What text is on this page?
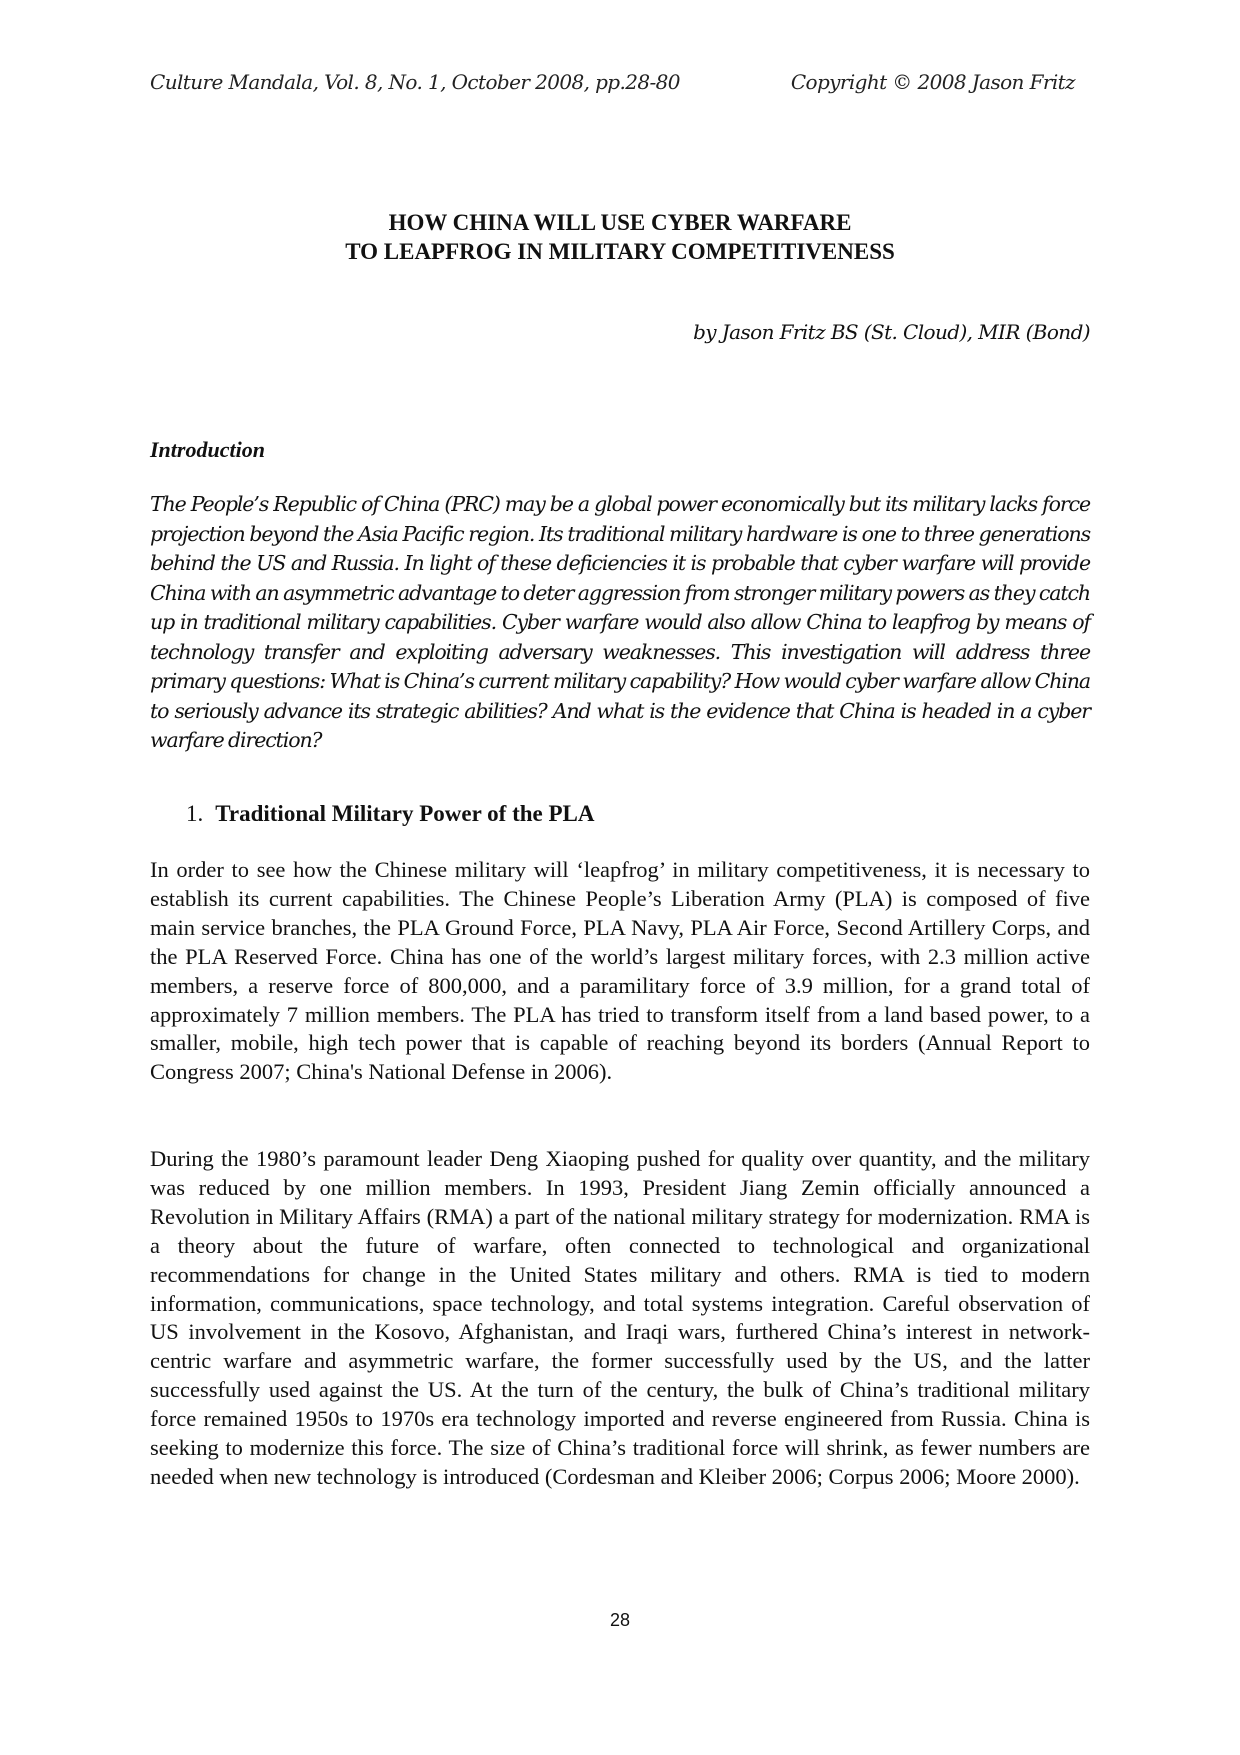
Culture Mandala, Vol. 8, No. 1, October 2008, pp.28-80	Copyright © 2008 Jason Fritz
HOW CHINA WILL USE CYBER WARFARE
TO LEAPFROG IN MILITARY COMPETITIVENESS
by Jason Fritz BS (St. Cloud), MIR (Bond)
Introduction

The People’s Republic of China (PRC) may be a global power economically but its military lacks force projection beyond the Asia Pacific region. Its traditional military hardware is one to three generations behind the US and Russia. In light of these deficiencies it is probable that cyber warfare will provide China with an asymmetric advantage to deter aggression from stronger military powers as they catch up in traditional military capabilities. Cyber warfare would also allow China to leapfrog by means of technology transfer and exploiting adversary weaknesses. This investigation will address three primary questions: What is China’s current military capability? How would cyber warfare allow China to seriously advance its strategic abilities? And what is the evidence that China is headed in a cyber warfare direction?

1. Traditional Military Power of the PLA

In order to see how the Chinese military will ‘leapfrog’ in military competitiveness, it is necessary to establish its current capabilities. The Chinese People’s Liberation Army (PLA) is composed of five main service branches, the PLA Ground Force, PLA Navy, PLA Air Force, Second Artillery Corps, and the PLA Reserved Force. China has one of the world’s largest military forces, with 2.3 million active members, a reserve force of 800,000, and a paramilitary force of 3.9 million, for a grand total of approximately 7 million members. The PLA has tried to transform itself from a land based power, to a smaller, mobile, high tech power that is capable of reaching beyond its borders (Annual Report to Congress 2007; China's National Defense in 2006).

During the 1980’s paramount leader Deng Xiaoping pushed for quality over quantity, and the military was reduced by one million members. In 1993, President Jiang Zemin officially announced a Revolution in Military Affairs (RMA) a part of the national military strategy for modernization. RMA is a theory about the future of warfare, often connected to technological and organizational recommendations for change in the United States military and others. RMA is tied to modern information, communications, space technology, and total systems integration. Careful observation of US involvement in the Kosovo, Afghanistan, and Iraqi wars, furthered China’s interest in network-centric warfare and asymmetric warfare, the former successfully used by the US, and the latter successfully used against the US. At the turn of the century, the bulk of China’s traditional military force remained 1950s to 1970s era technology imported and reverse engineered from Russia. China is seeking to modernize this force. The size of China’s traditional force will shrink, as fewer numbers are needed when new technology is introduced (Cordesman and Kleiber 2006; Corpus 2006; Moore 2000).

28
